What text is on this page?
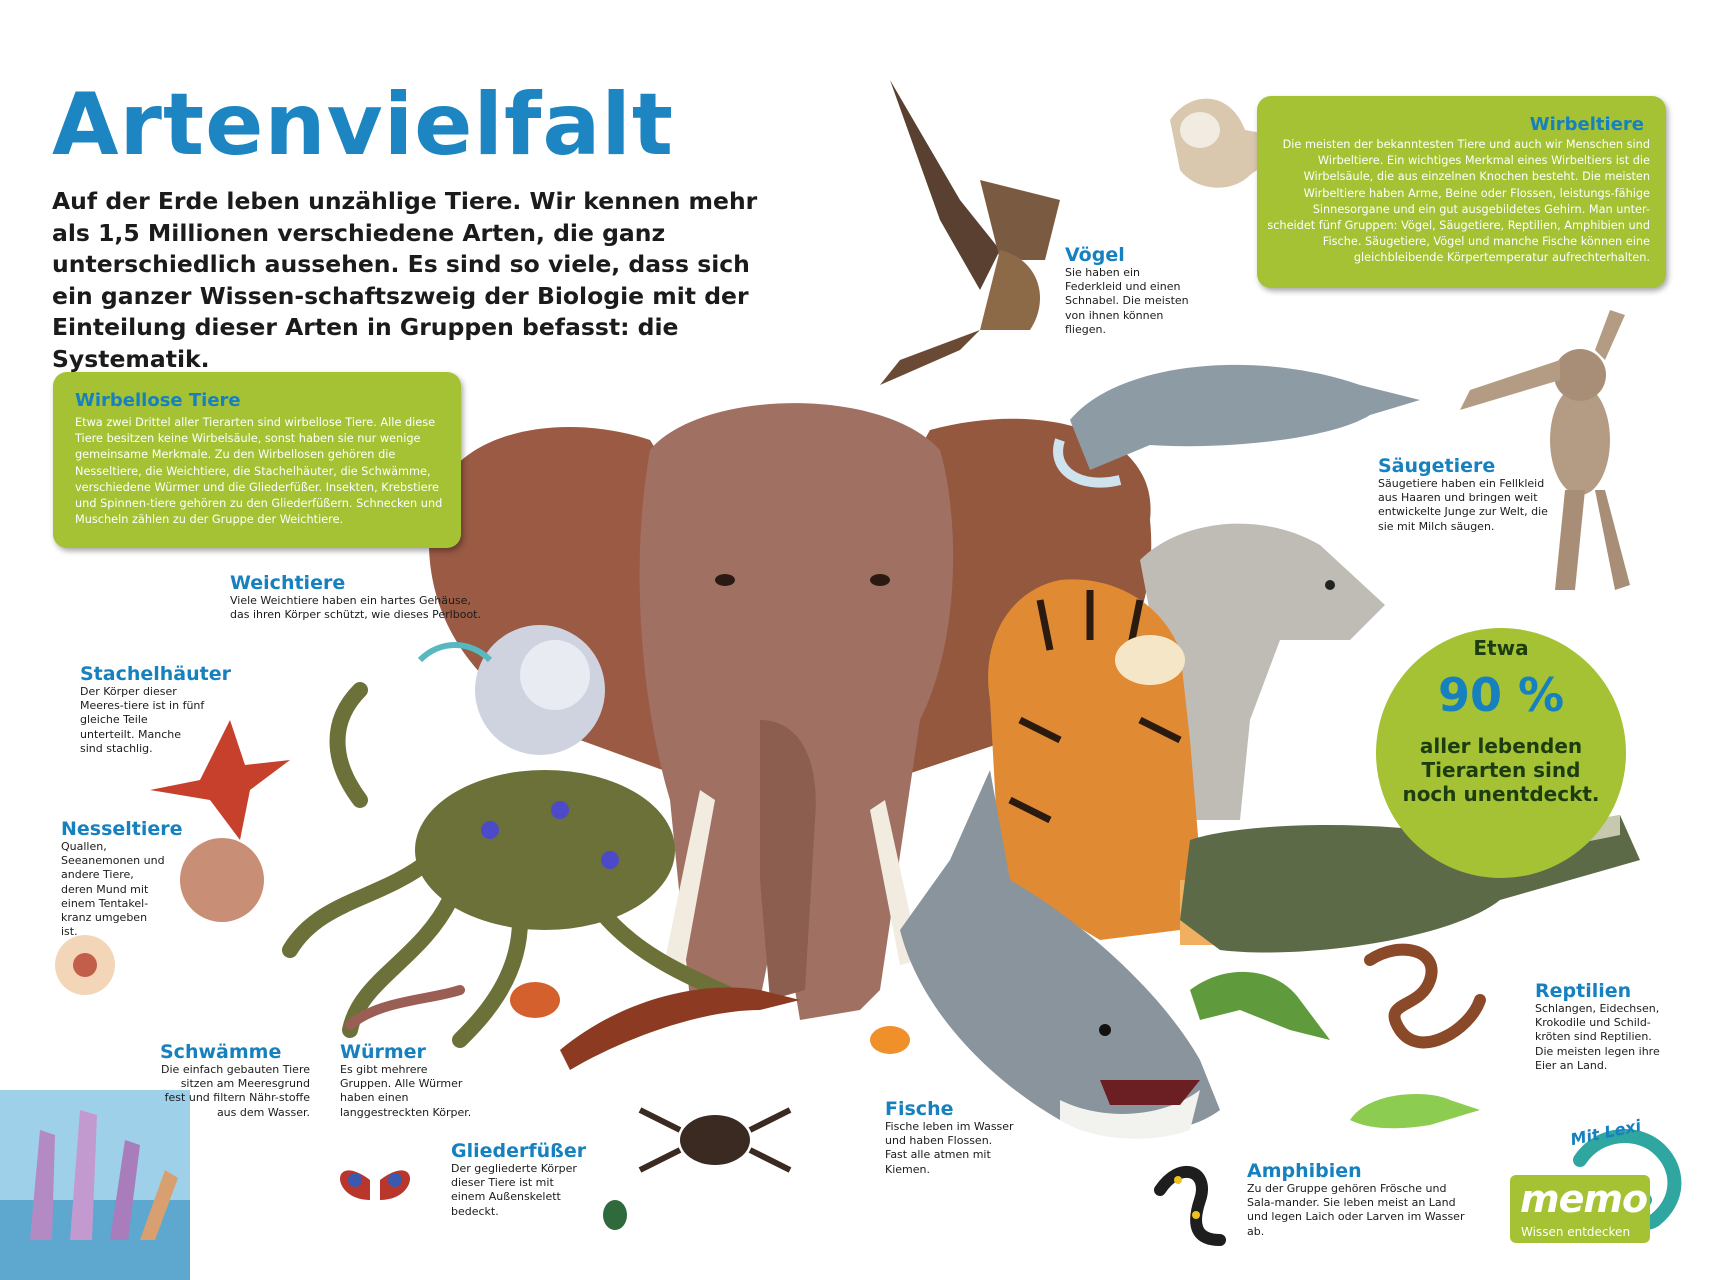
Artenvielfalt
Auf der Erde leben unzählige Tiere. Wir kennen mehr als 1,5 Millionen verschiedene Arten, die ganz unterschiedlich aussehen. Es sind so viele, dass sich ein ganzer Wissen-schaftszweig der Biologie mit der Einteilung dieser Arten in Gruppen befasst: die Systematik.
Wirbellose Tiere
Etwa zwei Drittel aller Tierarten sind wirbellose Tiere. Alle diese Tiere besitzen keine Wirbelsäule, sonst haben sie nur wenige gemeinsame Merkmale. Zu den Wirbellosen gehören die Nesseltiere, die Weichtiere, die Stachelhäuter, die Schwämme, verschiedene Würmer und die Gliederfüßer. Insekten, Krebstiere und Spinnen-tiere gehören zu den Gliederfüßern. Schnecken und Muscheln zählen zu der Gruppe der Weichtiere.
Wirbeltiere
Die meisten der bekanntesten Tiere und auch wir Menschen sind Wirbeltiere. Ein wichtiges Merkmal eines Wirbeltiers ist die Wirbelsäule, die aus einzelnen Knochen besteht. Die meisten Wirbeltiere haben Arme, Beine oder Flossen, leistungs-fähige Sinnesorgane und ein gut ausgebildetes Gehirn. Man unter-scheidet fünf Gruppen: Vögel, Säugetiere, Reptilien, Amphibien und Fische. Säugetiere, Vögel und manche Fische können eine gleichbleibende Körpertemperatur aufrechterhalten.
Vögel
Sie haben ein Federkleid und einen Schnabel. Die meisten von ihnen können fliegen.
Säugetiere
Säugetiere haben ein Fellkleid aus Haaren und bringen weit entwickelte Junge zur Welt, die sie mit Milch säugen.
Weichtiere
Viele Weichtiere haben ein hartes Gehäuse, das ihren Körper schützt, wie dieses Perlboot.
Stachelhäuter
Der Körper dieser Meeres-tiere ist in fünf gleiche Teile unterteilt. Manche sind stachlig.
Nesseltiere
Quallen, Seeanemonen und andere Tiere, deren Mund mit einem Tentakel-kranz umgeben ist.
Schwämme
Die einfach gebauten Tiere sitzen am Meeresgrund fest und filtern Nähr-stoffe aus dem Wasser.
Würmer
Es gibt mehrere Gruppen. Alle Würmer haben einen langgestreckten Körper.
Gliederfüßer
Der gegliederte Körper dieser Tiere ist mit einem Außenskelett bedeckt.
Fische
Fische leben im Wasser und haben Flossen. Fast alle atmen mit Kiemen.
Reptilien
Schlangen, Eidechsen, Krokodile und Schild-kröten sind Reptilien. Die meisten legen ihre Eier an Land.
Amphibien
Zu der Gruppe gehören Frösche und Sala-mander. Sie leben meist an Land und legen Laich oder Larven im Wasser ab.
Etwa
90 %
aller lebenden Tierarten sind noch unentdeckt.
Mit Lexi
memo
Wissen entdecken
